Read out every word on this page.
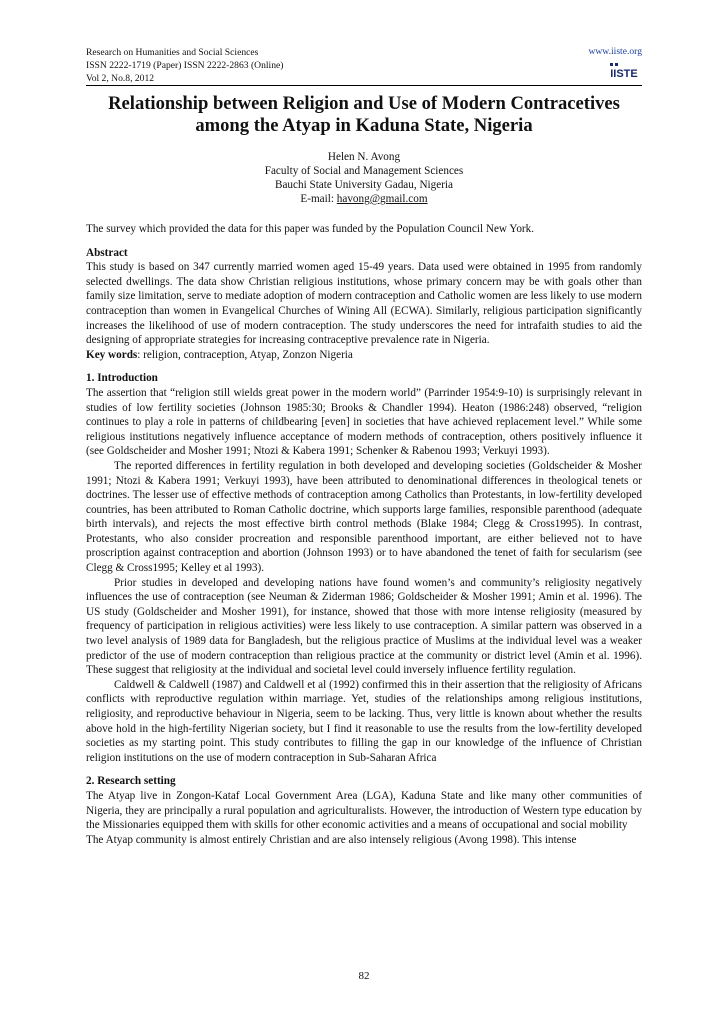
Research on Humanities and Social Sciences
ISSN 2222-1719 (Paper) ISSN 2222-2863 (Online)
Vol 2, No.8, 2012
www.iiste.org
IISTE
Relationship between Religion and Use of Modern Contracetives
among the Atyap in Kaduna State, Nigeria
Helen N. Avong
Faculty of Social and Management Sciences
Bauchi State University Gadau, Nigeria
E-mail: havong@gmail.com

The survey which provided the data for this paper was funded by the Population Council New York.

Abstract

This study is based on 347 currently married women aged 15-49 years. Data used were obtained in 1995 from randomly selected dwellings. The data show Christian religious institutions, whose primary concern may be with goals other than family size limitation, serve to mediate adoption of modern contraception and Catholic women are less likely to use modern contraception than women in Evangelical Churches of Wining All (ECWA). Similarly, religious participation significantly increases the likelihood of use of modern contraception. The study underscores the need for intrafaith studies to aid the designing of appropriate strategies for increasing contraceptive prevalence rate in Nigeria.

Key words: religion, contraception, Atyap, Zonzon Nigeria

1. Introduction

The assertion that “religion still wields great power in the modern world” (Parrinder 1954:9-10) is surprisingly relevant in studies of low fertility societies (Johnson 1985:30; Brooks & Chandler 1994). Heaton (1986:248) observed, “religion continues to play a role in patterns of childbearing [even] in societies that have achieved replacement level.” While some religious institutions negatively influence acceptance of modern methods of contraception, others positively influence it (see Goldscheider and Mosher 1991; Ntozi & Kabera 1991; Schenker & Rabenou 1993; Verkuyi 1993).

The reported differences in fertility regulation in both developed and developing societies (Goldscheider & Mosher 1991; Ntozi & Kabera 1991; Verkuyi 1993), have been attributed to denominational differences in theological tenets or doctrines. The lesser use of effective methods of contraception among Catholics than Protestants, in low-fertility developed countries, has been attributed to Roman Catholic doctrine, which supports large families, responsible parenthood (adequate birth intervals), and rejects the most effective birth control methods (Blake 1984; Clegg & Cross1995). In contrast, Protestants, who also consider procreation and responsible parenthood important, are either believed not to have proscription against contraception and abortion (Johnson 1993) or to have abandoned the tenet of faith for secularism (see Clegg & Cross1995; Kelley et al 1993).

Prior studies in developed and developing nations have found women’s and community’s religiosity negatively influences the use of contraception (see Neuman & Ziderman 1986; Goldscheider & Mosher 1991; Amin et al. 1996). The US study (Goldscheider and Mosher 1991), for instance, showed that those with more intense religiosity (measured by frequency of participation in religious activities) were less likely to use contraception. A similar pattern was observed in a two level analysis of 1989 data for Bangladesh, but the religious practice of Muslims at the individual level was a weaker predictor of the use of modern contraception than religious practice at the community or district level (Amin et al. 1996). These suggest that religiosity at the individual and societal level could inversely influence fertility regulation.

Caldwell & Caldwell (1987) and Caldwell et al (1992) confirmed this in their assertion that the religiosity of Africans conflicts with reproductive regulation within marriage. Yet, studies of the relationships among religious institutions, religiosity, and reproductive behaviour in Nigeria, seem to be lacking. Thus, very little is known about whether the results above hold in the high-fertility Nigerian society, but I find it reasonable to use the results from the low-fertility developed societies as my starting point. This study contributes to filling the gap in our knowledge of the influence of Christian religion institutions on the use of modern contraception in Sub-Saharan Africa

2. Research setting

The Atyap live in Zongon-Kataf Local Government Area (LGA), Kaduna State and like many other communities of Nigeria, they are principally a rural population and agriculturalists. However, the introduction of Western type education by the Missionaries equipped them with skills for other economic activities and a means of occupational and social mobility

The Atyap community is almost entirely Christian and are also intensely religious (Avong 1998). This intense

82
